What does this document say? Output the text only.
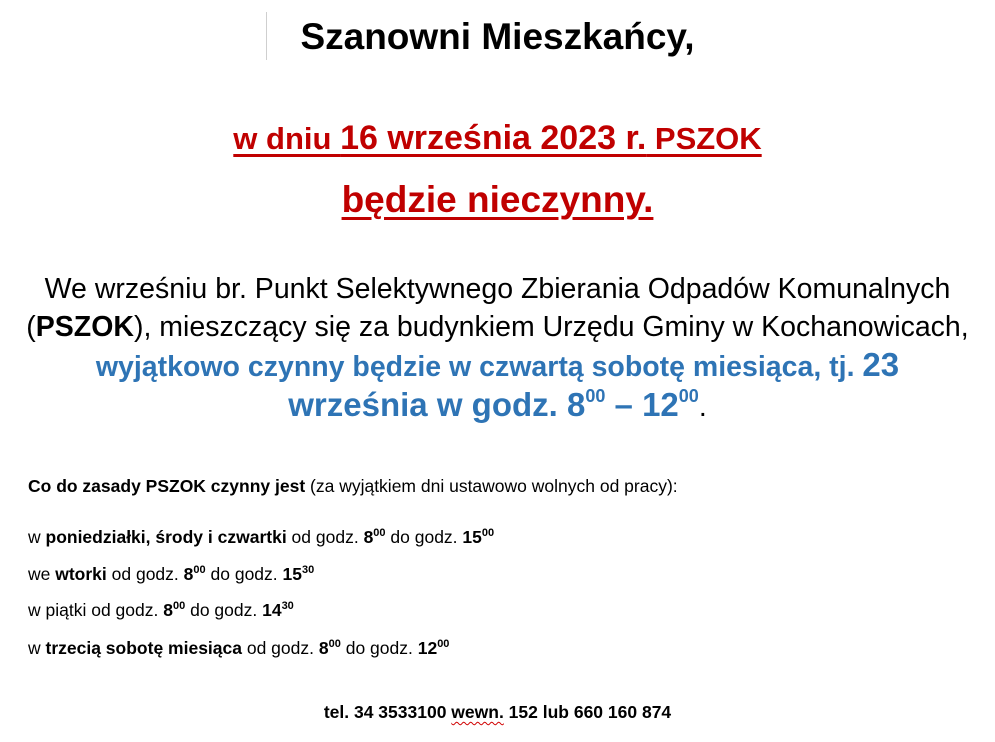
Szanowni Mieszkańcy,
w dniu 16 września 2023 r. PSZOK
będzie nieczynny.
We wrześniu br. Punkt Selektywnego Zbierania Odpadów Komunalnych (PSZOK), mieszczący się za budynkiem Urzędu Gminy w Kochanowicach, wyjątkowo czynny będzie w czwartą sobotę miesiąca, tj. 23 września w godz. $8^{00} - 12^{00}$.
Co do zasady PSZOK czynny jest (za wyjątkiem dni ustawowo wolnych od pracy):
w poniedziałki, środy i czwartki od godz. $8^{00}$ do godz. $15^{00}$
we wtorki od godz. $8^{00}$ do godz. $15^{30}$
w piątki od godz. $8^{00}$ do godz. $14^{30}$
w trzecią sobotę miesiąca od godz. $8^{00}$ do godz. $12^{00}$
tel. 34 3533100 wewn. 152 lub 660 160 874
